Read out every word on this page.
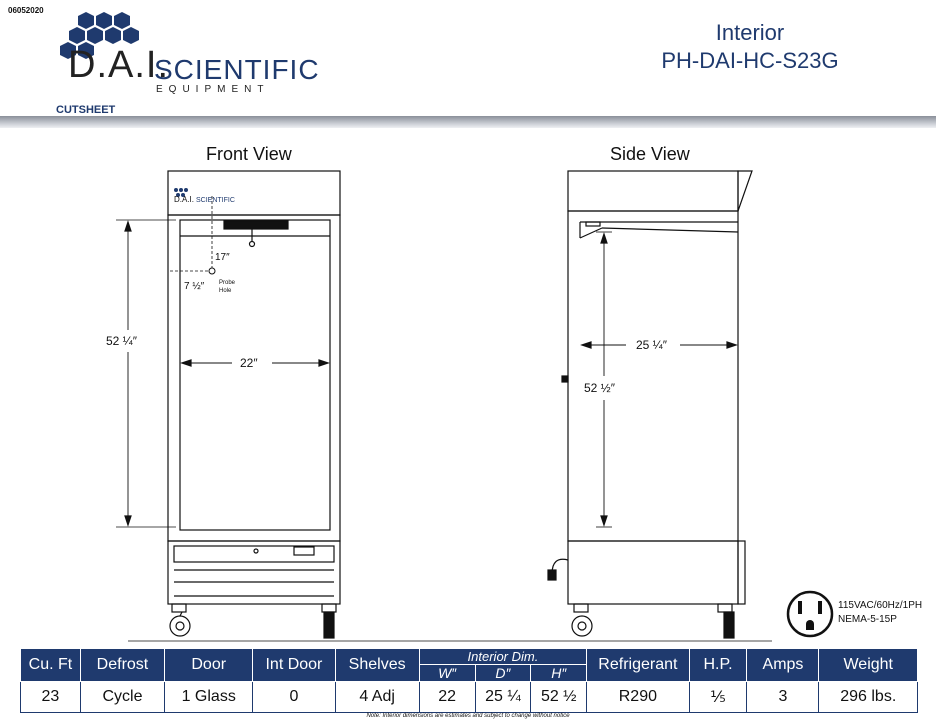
06052020
D.A.I.
SCIENTIFIC
EQUIPMENT
CUTSHEET
Interior
PH-DAI-HC-S23G
Front View	Side View
D.A.I. SCIENTIFIC
52 ¼″
22″
17″
7 ½″ Probe
Hole
25 ¼″
52 ½″
115VAC/60Hz/1PH
NEMA-5-15P
Cu. Ft	Defrost	Door	Int Door	Shelves	Interior Dim.			Refrigerant	H.P.	Amps	Weight
					W″	D″	H″				
23	Cycle	1 Glass	0	4 Adj	22	25 ¼	52 ½	R290	⅕	3	296 lbs.
Note: Interior dimensions are estimates and subject to change without notice
